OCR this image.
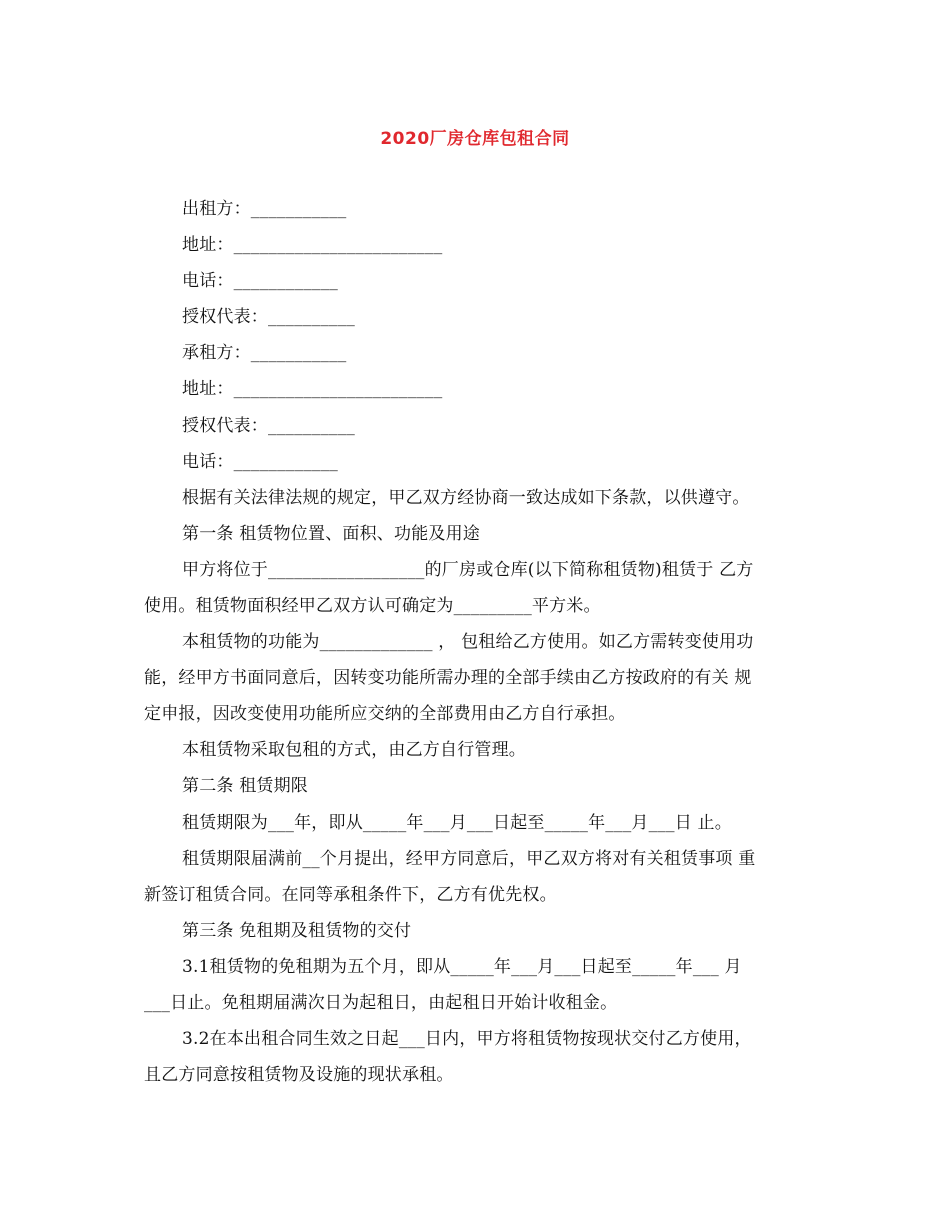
2020厂房仓库包租合同
出租方：___________
地址：________________________
电话：____________
授权代表：__________
承租方：___________
地址：________________________
授权代表：__________
电话：____________
根据有关法律法规的规定，甲乙双方经协商一致达成如下条款，以供遵守。
第一条 租赁物位置、面积、功能及用途
甲方将位于__________________的厂房或仓库(以下简称租赁物)租赁于 乙方
使用。租赁物面积经甲乙双方认可确定为_________平方米。
本租赁物的功能为_____________ ， 包租给乙方使用。如乙方需转变使用功
能，经甲方书面同意后，因转变功能所需办理的全部手续由乙方按政府的有关 规
定申报，因改变使用功能所应交纳的全部费用由乙方自行承担。
本租赁物采取包租的方式，由乙方自行管理。
第二条 租赁期限
租赁期限为___年，即从_____年___月___日起至_____年___月___日 止。
租赁期限届满前__个月提出，经甲方同意后，甲乙双方将对有关租赁事项 重
新签订租赁合同。在同等承租条件下，乙方有优先权。
第三条 免租期及租赁物的交付
3.1租赁物的免租期为五个月，即从_____年___月___日起至_____年___ 月
___日止。免租期届满次日为起租日，由起租日开始计收租金。
3.2在本出租合同生效之日起___日内，甲方将租赁物按现状交付乙方使用，
且乙方同意按租赁物及设施的现状承租。
